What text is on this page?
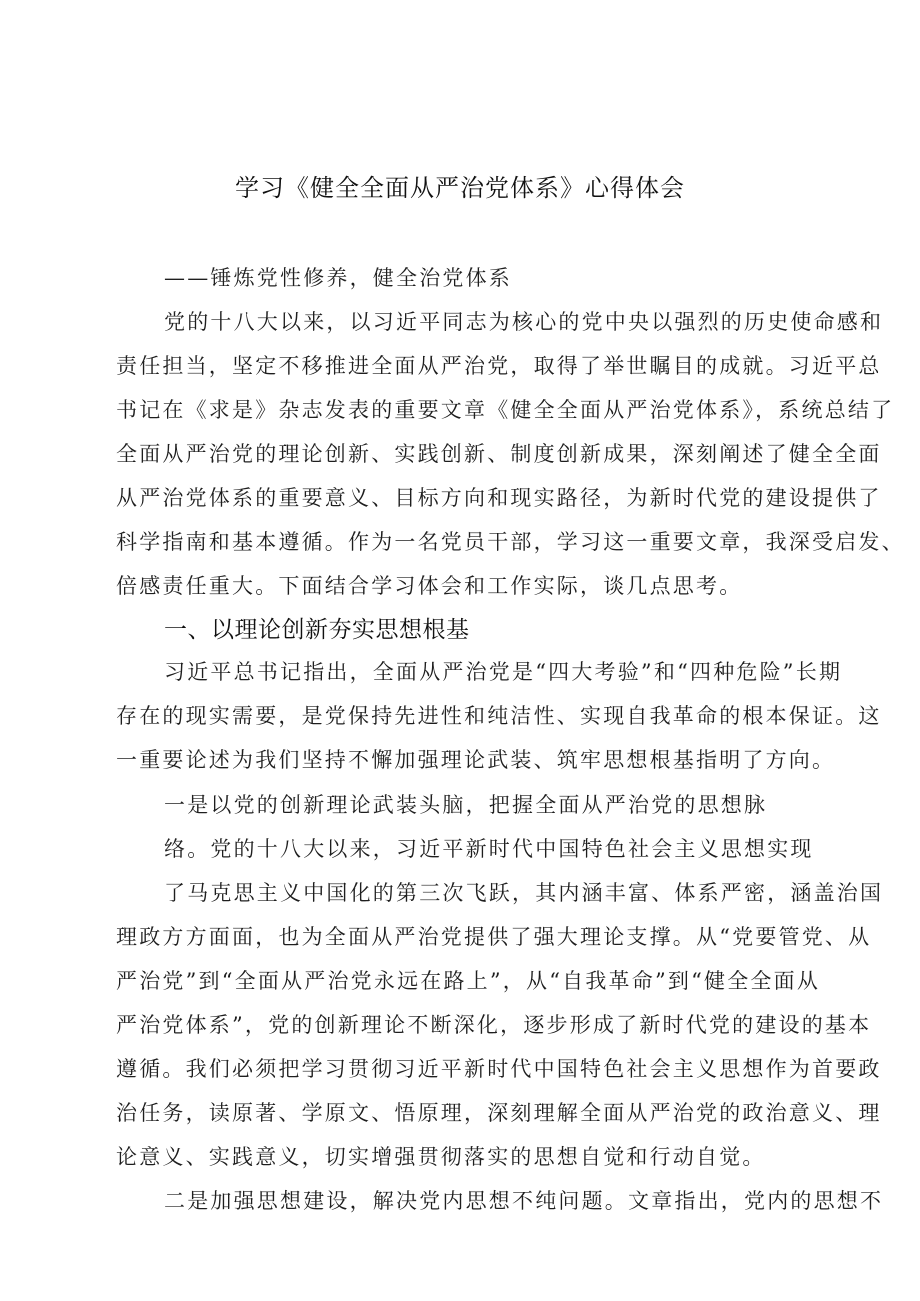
学习《健全全面从严治党体系》心得体会
——锤炼党性修养，健全治党体系
党的十八大以来，以习近平同志为核心的党中央以强烈的历史使命感和
责任担当，坚定不移推进全面从严治党，取得了举世瞩目的成就。习近平总
书记在《求是》杂志发表的重要文章《健全全面从严治党体系》，系统总结了
全面从严治党的理论创新、实践创新、制度创新成果，深刻阐述了健全全面
从严治党体系的重要意义、目标方向和现实路径，为新时代党的建设提供了
科学指南和基本遵循。作为一名党员干部，学习这一重要文章，我深受启发、
倍感责任重大。下面结合学习体会和工作实际，谈几点思考。
一、以理论创新夯实思想根基
习近平总书记指出，全面从严治党是“四大考验”和“四种危险”长期
存在的现实需要，是党保持先进性和纯洁性、实现自我革命的根本保证。这
一重要论述为我们坚持不懈加强理论武装、筑牢思想根基指明了方向。
一是以党的创新理论武装头脑，把握全面从严治党的思想脉
络。党的十八大以来，习近平新时代中国特色社会主义思想实现
了马克思主义中国化的第三次飞跃，其内涵丰富、体系严密，涵盖治国
理政方方面面，也为全面从严治党提供了强大理论支撑。从“党要管党、从
严治党”到“全面从严治党永远在路上”，从“自我革命”到“健全全面从
严治党体系”，党的创新理论不断深化，逐步形成了新时代党的建设的基本
遵循。我们必须把学习贯彻习近平新时代中国特色社会主义思想作为首要政
治任务，读原著、学原文、悟原理，深刻理解全面从严治党的政治意义、理
论意义、实践意义，切实增强贯彻落实的思想自觉和行动自觉。
二是加强思想建设，解决党内思想不纯问题。文章指出，党内的思想不
